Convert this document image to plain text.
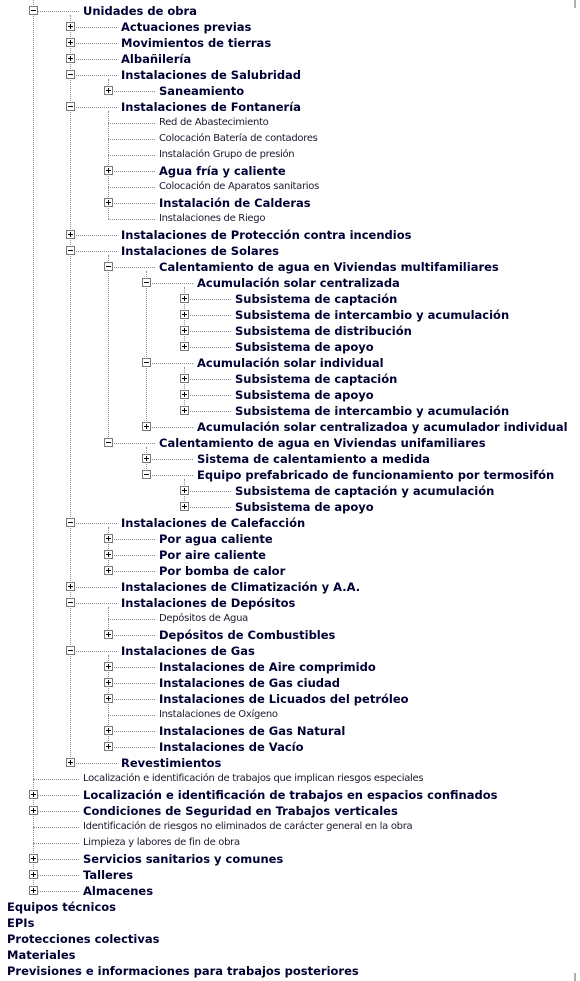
Unidades de obra
Actuaciones previas
Movimientos de tierras
Albañilería
Instalaciones de Salubridad
Saneamiento
Instalaciones de Fontanería
Red de Abastecimiento
Colocación Batería de contadores
Instalación Grupo de presión
Agua fría y caliente
Colocación de Aparatos sanitarios
Instalación de Calderas
Instalaciones de Riego
Instalaciones de Protección contra incendios
Instalaciones de Solares
Calentamiento de agua en Viviendas multifamiliares
Acumulación solar centralizada
Subsistema de captación
Subsistema de intercambio y acumulación
Subsistema de distribución
Subsistema de apoyo
Acumulación solar individual
Subsistema de captación
Subsistema de apoyo
Subsistema de intercambio y acumulación
Acumulación solar centralizadoa y acumulador individual
Calentamiento de agua en Viviendas unifamiliares
Sistema de calentamiento a medida
Equipo prefabricado de funcionamiento por termosifón
Subsistema de captación y acumulación
Subsistema de apoyo
Instalaciones de Calefacción
Por agua caliente
Por aire caliente
Por bomba de calor
Instalaciones de Climatización y A.A.
Instalaciones de Depósitos
Depósitos de Agua
Depósitos de Combustibles
Instalaciones de Gas
Instalaciones de Aire comprimido
Instalaciones de Gas ciudad
Instalaciones de Licuados del petróleo
Instalaciones de Oxígeno
Instalaciones de Gas Natural
Instalaciones de Vacío
Revestimientos
Localización e identificación de trabajos que implican riesgos especiales
Localización e identificación de trabajos en espacios confinados
Condiciones de Seguridad en Trabajos verticales
Identificación de riesgos no eliminados de carácter general en la obra
Limpieza y labores de fin de obra
Servicios sanitarios y comunes
Talleres
Almacenes
Equipos técnicos
EPIs
Protecciones colectivas
Materiales
Previsiones e informaciones para trabajos posteriores
